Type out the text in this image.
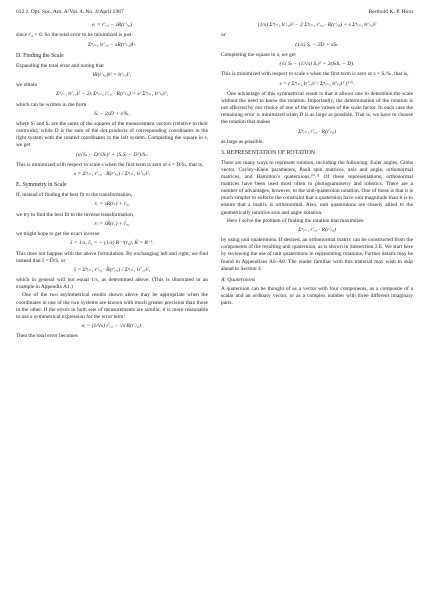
632 J. Opt. Soc. Am. A/Vol. 4, No. 4/April 1987	Berthold K. P. Horn
eᵢ = r′ᵣ,ᵢ − sR(r′ₗ,ᵢ)
since r′₀ = 0. So the total error to be minimized is just
Σⁿᵢ₌₁ ‖r′ᵣ,ᵢ − sR(r′ₗ,ᵢ)‖².
D. Finding the Scale
Expanding the total error and noting that
‖R(r′ₗ,ᵢ)‖² = ‖r′ₗ,ᵢ‖²,
we obtain
Σⁿᵢ₌₁ ‖r′ᵣ,ᵢ‖² − 2s Σⁿᵢ₌₁ r′ᵣ,ᵢ · R(r′ₗ,ᵢ) + s² Σⁿᵢ₌₁ ‖r′ₗ,ᵢ‖²,
which can be written in the form
Sᵣ − 2sD + s²Sₗ,
where Sₗ and Sᵣ are the sums of the squares of the measurement vectors (relative to their centroids), while D is the sum of the dot products of corresponding coordinates in the right system with the rotated coordinates in the left system. Completing the square in s, we get
(s√Sₗ − D/√Sₗ)² + (SᵣSₗ − D²)/Sₗ.
This is minimized with respect to scale s when the first term is zero or s = D/Sₗ, that is,
s = Σⁿᵢ₌₁ r′ᵣ,ᵢ · R(r′ₗ,ᵢ) / Σⁿᵢ₌₁ ‖r′ₗ,ᵢ‖².
E. Symmetry in Scale
If, instead of finding the best fit to the transformation,
rᵣ = sR(rₗ) + r₀,
we try to find the best fit to the inverse transformation,
rₗ = s̄R̄(rᵣ) + r̄₀,
we might hope to get the exact inverse:
s̄ = 1/s, r̄₀ = − (1/s) R⁻¹(r₀), R̄ = R⁻¹.
This does not happen with the above formulation. By exchanging left and right, we find instead that s̄ = D̄/Sᵣ or
s̄ = Σⁿᵢ₌₁ r′ₗ,ᵢ · R̄(r′ᵣ,ᵢ) / Σⁿᵢ₌₁ ‖r′ᵣ,ᵢ‖²,
which in general will not equal 1/s, as determined above. (This is illustrated in an example in Appendix A1.)
One of the two asymmetrical results shown above may be appropriate when the coordinates in one of the two systems are known with much greater precision than those in the other. If the errors in both sets of measurements are similar, it is more reasonable to use a symmetrical expression for the error term:
eᵢ = (1/√s) r′ᵣ,ᵢ − √s R(r′ₗ,ᵢ).
Then the total error becomes
(1/s) Σⁿᵢ₌₁ ‖r′ᵣ,ᵢ‖² − 2 Σⁿᵢ₌₁ r′ᵣ,ᵢ · R(r′ₗ,ᵢ) + s Σⁿᵢ₌₁ ‖r′ₗ,ᵢ‖²
or
(1/s) Sᵣ − 2D + sSₗ.
Completing the square in s, we get
(√s Sₗ − (1/√s) Sᵣ)² + 2(SₗSᵣ − D).
This is minimized with respect to scale s when the first term is zero or s = Sᵣ/Sₗ, that is,
s = ( Σⁿᵢ₌₁ ‖r′ᵣ,ᵢ‖² / Σⁿᵢ₌₁ ‖r′ₗ,ᵢ‖² )¹ᐟ².
One advantage of this symmetrical result is that it allows one to determine the scale without the need to know the rotation. Importantly, the determination of the rotation is not affected by our choice of one of the three values of the scale factor. In each case the remaining error is minimized when D is as large as possible. That is, we have to choose the rotation that makes
Σⁿᵢ₌₁ r′ᵣ,ᵢ · R(r′ₗ,ᵢ)
as large as possible.
3. REPRESENTATION OF ROTATION
There are many ways to represent rotation, including the following: Euler angles, Gibbs vector, Cayley–Klein parameters, Pauli spin matrices, axis and angle, orthonormal matrices, and Hamilton’s quaternions.¹⁰˒¹¹ Of these representations, orthonormal matrices have been used most often in photogrammetry and robotics. There are a number of advantages, however, to the unit-quaternion notation. One of these is that it is much simpler to enforce the constraint that a quaternion have unit magnitude than it is to ensure that a matrix is orthonormal. Also, unit quaternions are closely allied to the geometrically intuitive axis and angle notation.
Here I solve the problem of finding the rotation that maximizes
Σⁿᵢ₌₁ r′ᵣ,ᵢ · R(r′ₗ,ᵢ)
by using unit quaternions. If desired, an orthonormal matrix can be constructed from the components of the resulting unit quaternion, as is shown in Subsection 3.E. We start here by reviewing the use of unit quaternions in representing rotations. Further details may be found in Appendixes A6–A8. The reader familiar with this material may wish to skip ahead to Section 4.
A. Quaternions
A quaternion can be thought of as a vector with four components, as a composite of a scalar and an ordinary vector, or as a complex number with three different imaginary parts.
